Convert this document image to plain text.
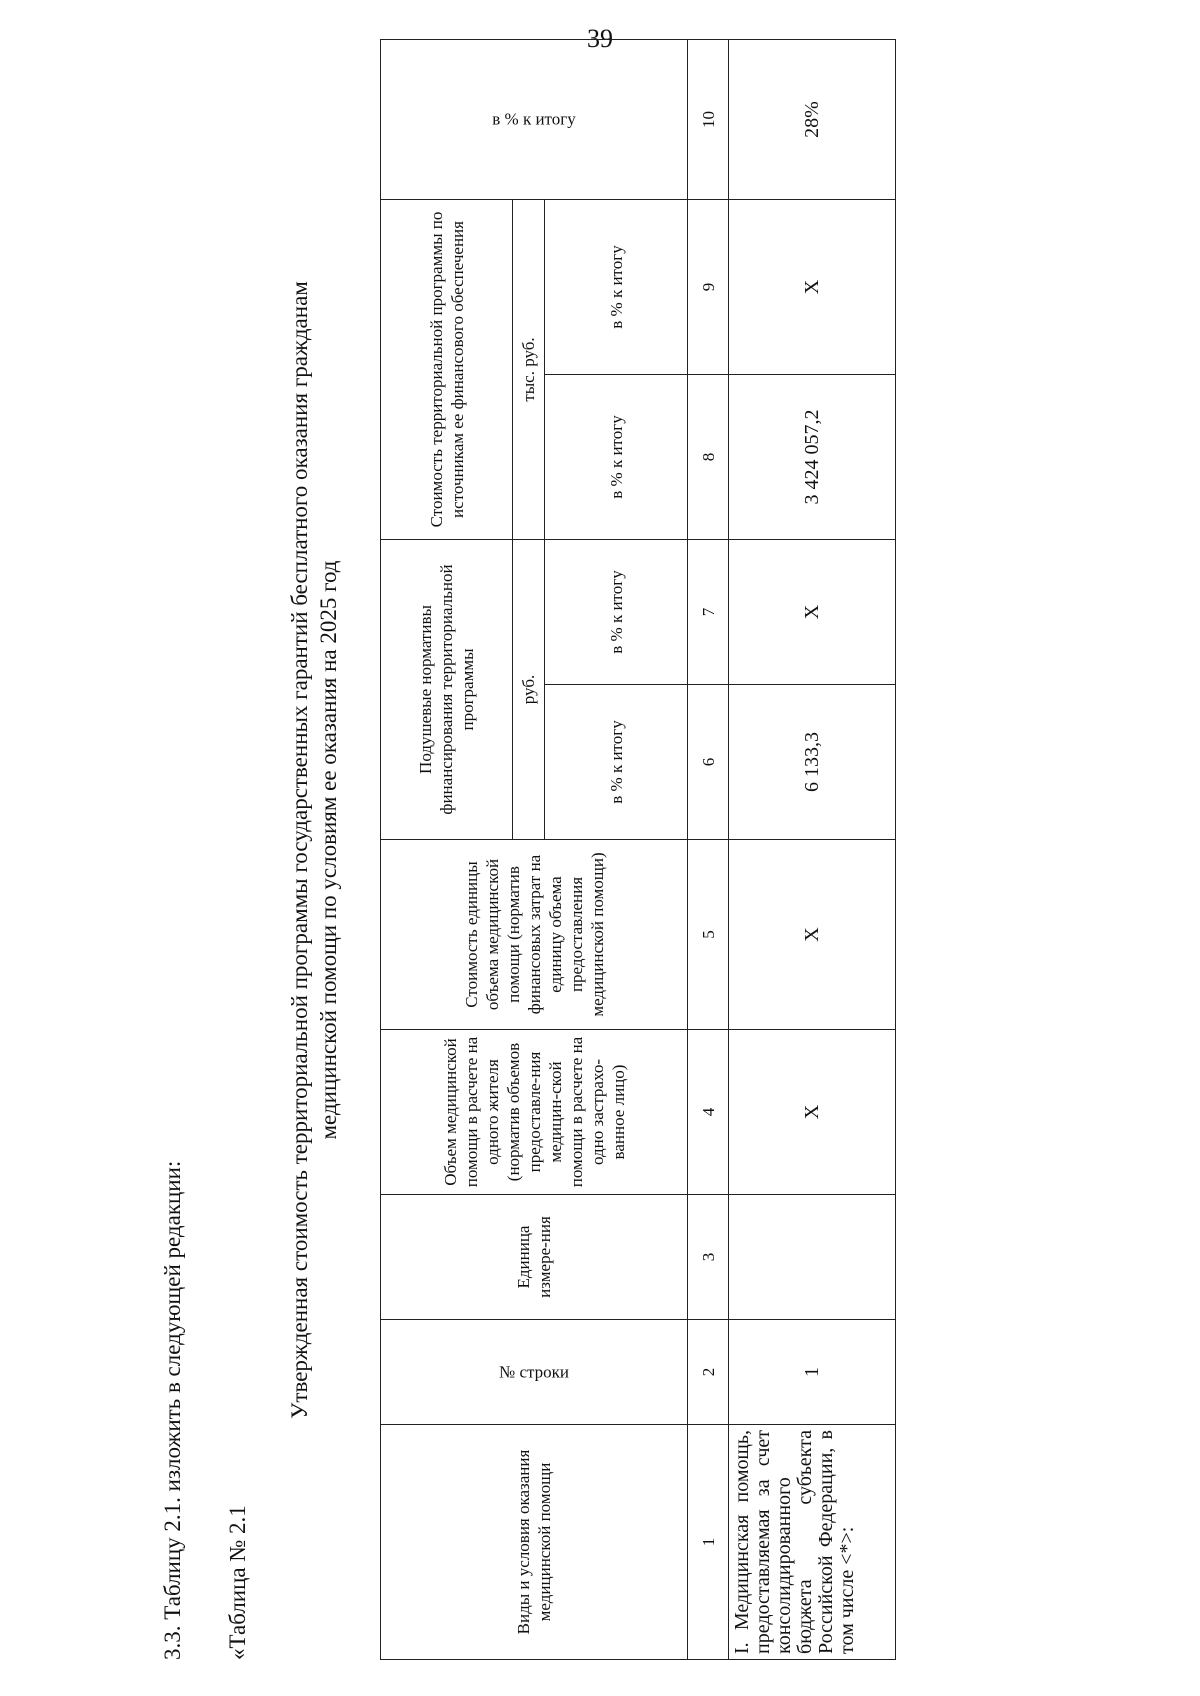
39
3.3. Таблицу 2.1. изложить в следующей редакции: «Таблица № 2.1
Утвержденная стоимость территориальной программы государственных гарантий бесплатного оказания гражданам медицинской помощи по условиям ее оказания на 2025 год
Виды и условия оказания медицинской помощи	№ строки	Единица измере-ния	Объем медицинской помощи в расчете на одного жителя (норматив объемов предоставле-ния медицин-ской помощи в расчете на одно застрахо-ванное лицо)	Стоимость единицы объема медицинской помощи (норматив финансовых затрат на единицу объема предоставления медицинской помощи)	Подушевые нормативы финансирования территориальной программы		Стоимость территориальной программы по источникам ее финансового обеспечения		в % к итогу

					руб.		тыс. руб.		
					в % к итогу	в % к итогу	в % к итогу	в % к итогу	
1	2	3	4	5	6	7	8	9	10
I. Медицинская помощь, предоставляемая за счет консолидированного бюджета субъекта Российской Федерации, в том числе <*>:	1		X	X	6 133,3	X	3 424 057,2	X	28%
